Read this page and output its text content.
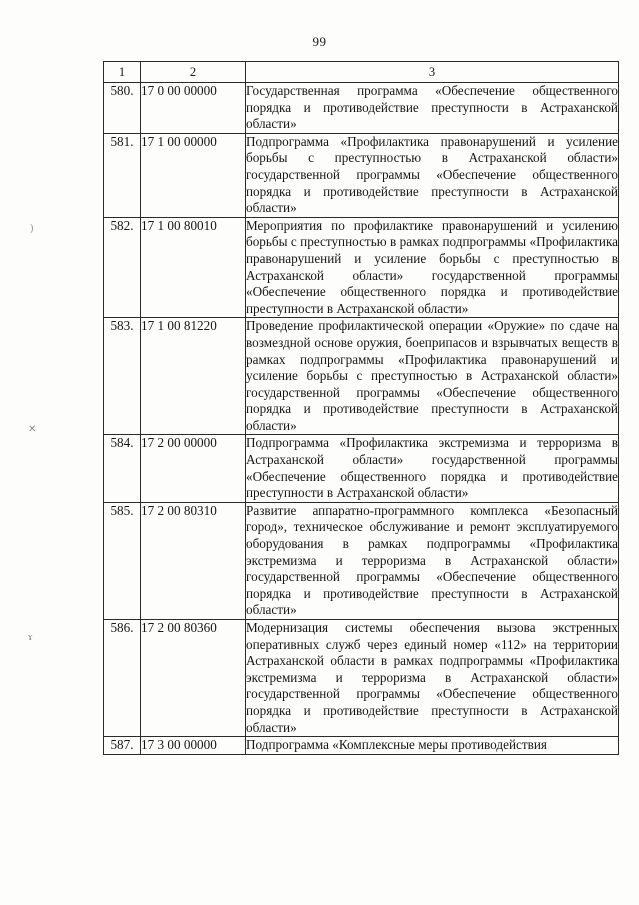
99
)
✕
ɤ
1	2	3
580.	17 0 00 00000	Государственная программа «Обеспечение общественного порядка и противодействие преступности в Астраханской области»
581.	17 1 00 00000	Подпрограмма «Профилактика правонарушений и усиление борьбы с преступностью в Астраханской области» государственной программы «Обеспечение общественного порядка и противодействие преступности в Астраханской области»
582.	17 1 00 80010	Мероприятия по профилактике правонарушений и усилению борьбы с преступностью в рамках подпрограммы «Профилактика правонарушений и усиление борьбы с преступностью в Астраханской области» государственной программы «Обеспечение общественного порядка и противодействие преступности в Астраханской области»
583.	17 1 00 81220	Проведение профилактической операции «Оружие» по сдаче на возмездной основе оружия, боеприпасов и взрывчатых веществ в рамках подпрограммы «Профилактика правонарушений и усиление борьбы с преступностью в Астраханской области» государственной программы «Обеспечение общественного порядка и противодействие преступности в Астраханской области»
584.	17 2 00 00000	Подпрограмма «Профилактика экстремизма и терроризма в Астраханской области» государственной программы «Обеспечение общественного порядка и противодействие преступности в Астраханской области»
585.	17 2 00 80310	Развитие аппаратно-программного комплекса «Безопасный город», техническое обслуживание и ремонт эксплуатируемого оборудования в рамках подпрограммы «Профилактика экстремизма и терроризма в Астраханской области» государственной программы «Обеспечение общественного порядка и противодействие преступности в Астраханской области»
586.	17 2 00 80360	Модернизация системы обеспечения вызова экстренных оперативных служб через единый номер «112» на территории Астраханской области в рамках подпрограммы «Профилактика экстремизма и терроризма в Астраханской области» государственной программы «Обеспечение общественного порядка и противодействие преступности в Астраханской области»
587.	17 3 00 00000	Подпрограмма «Комплексные меры противодействия
